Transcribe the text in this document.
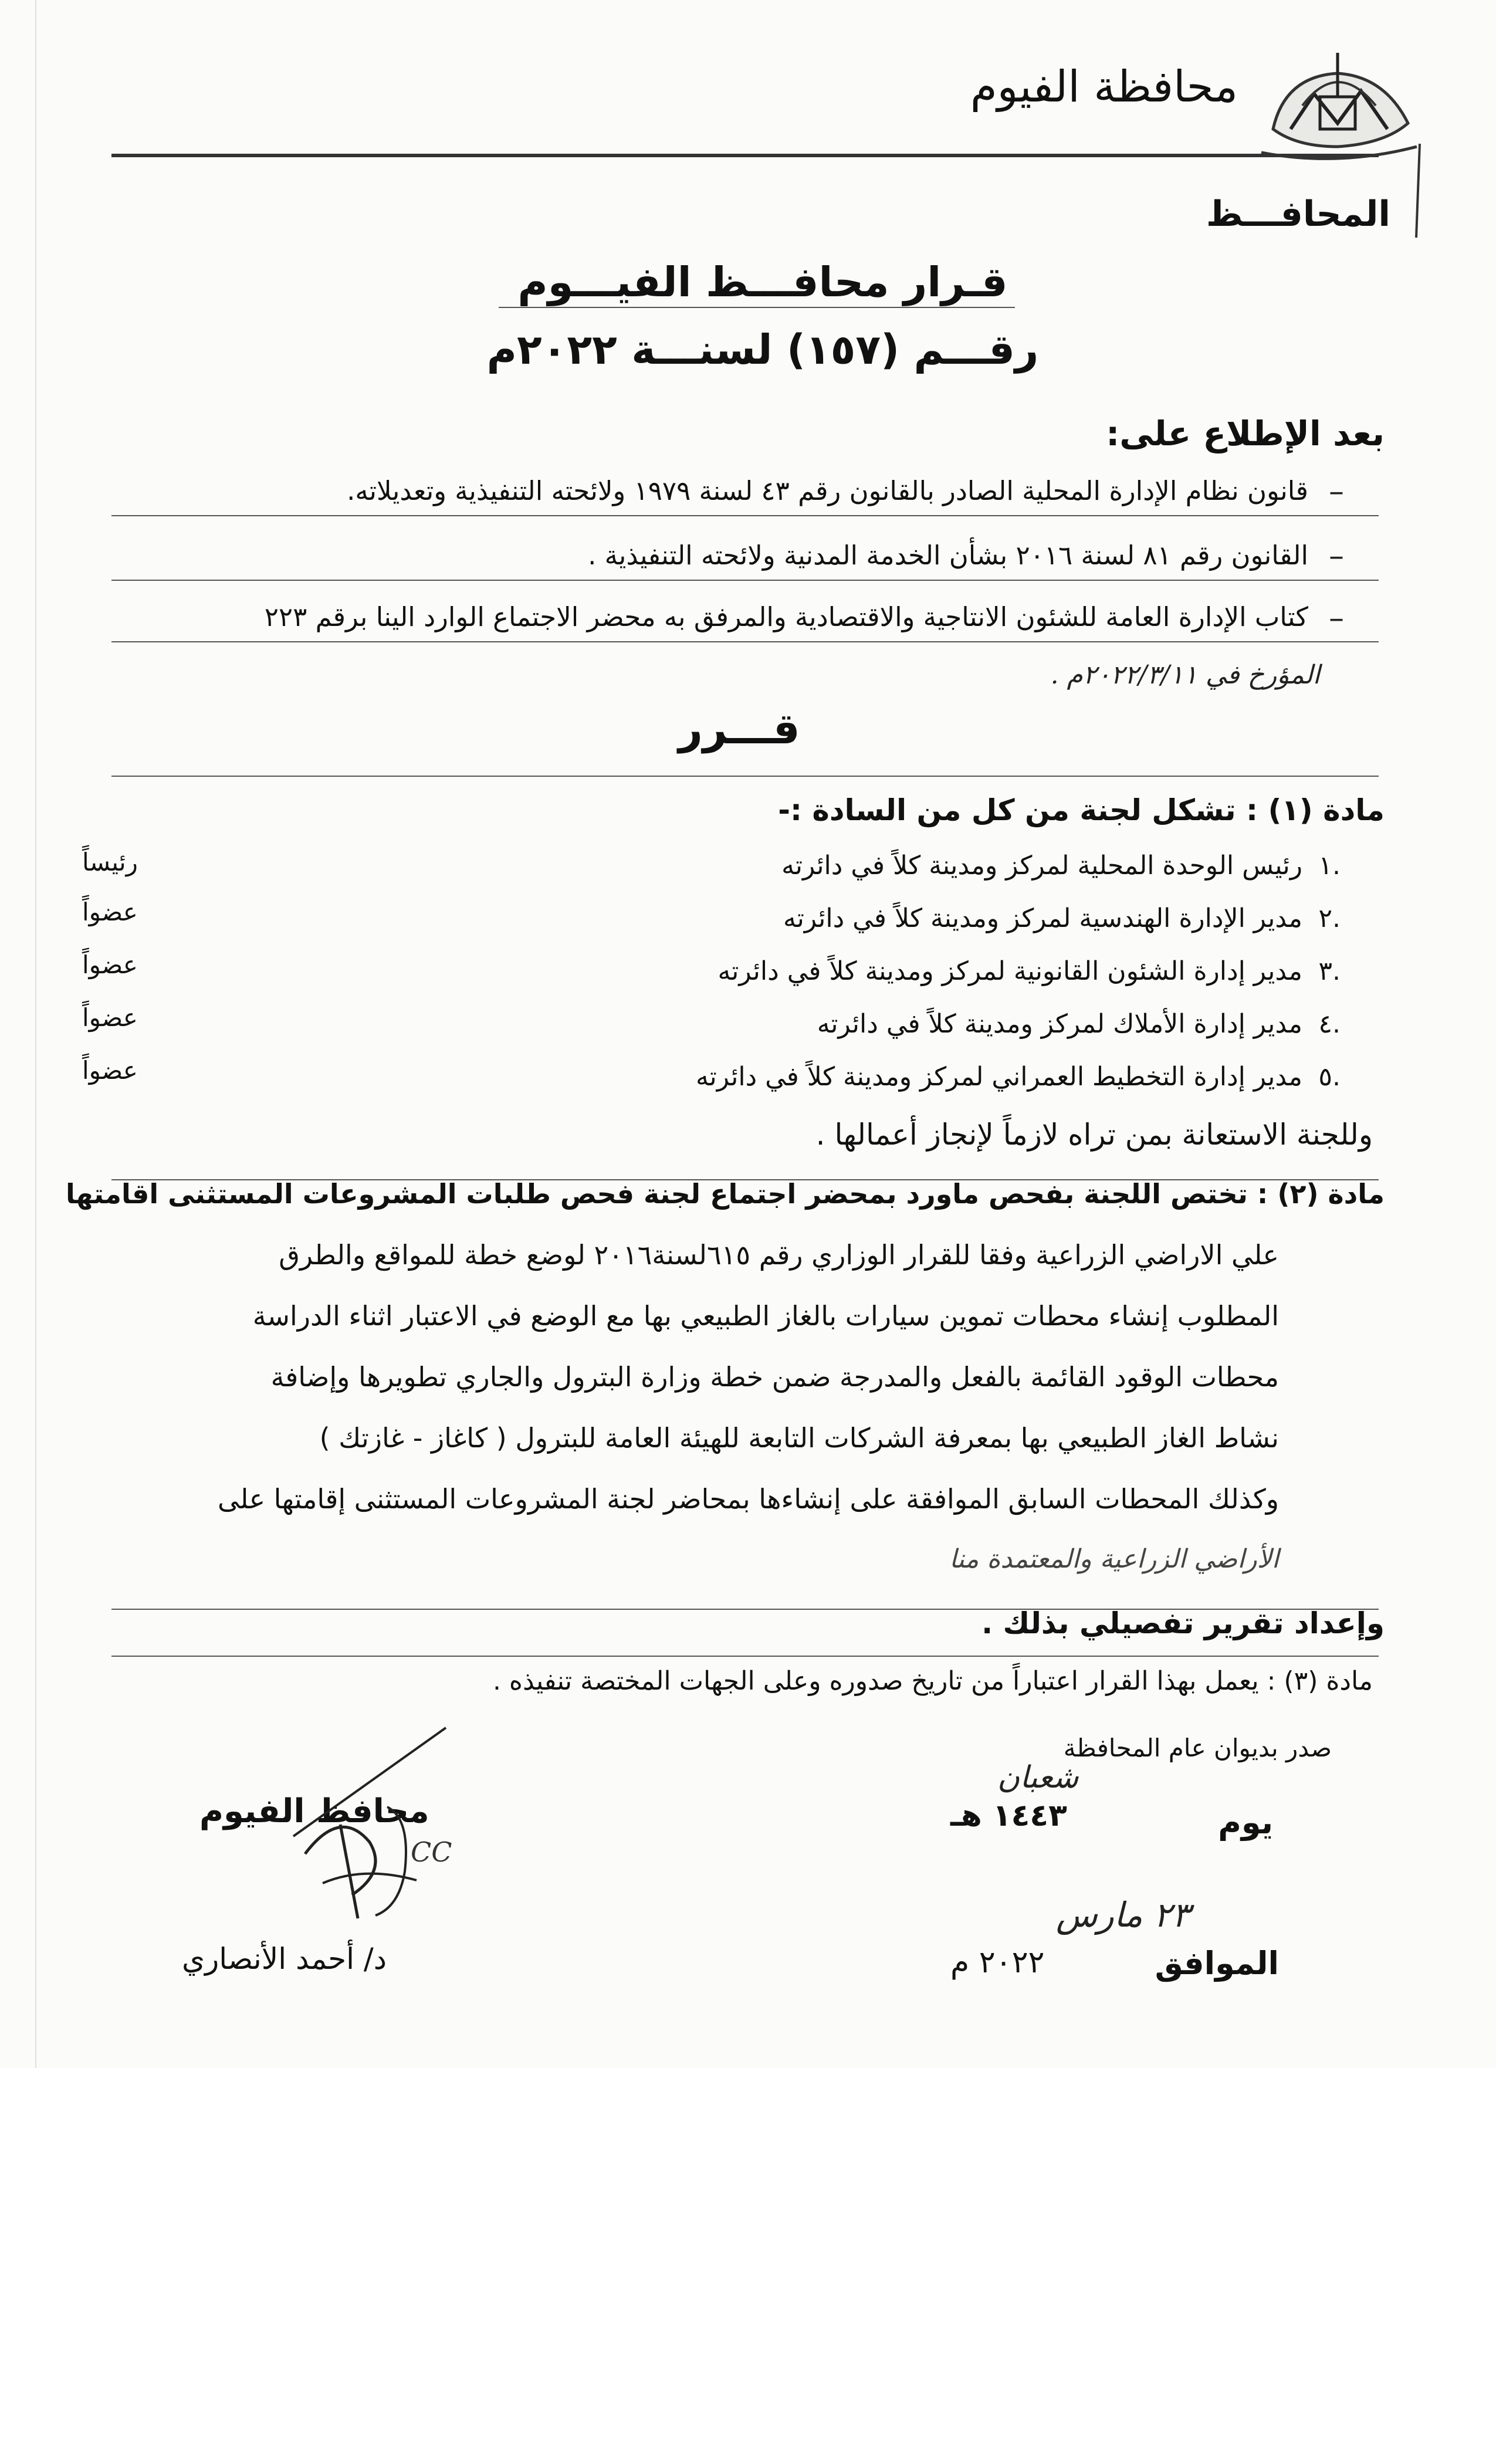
محافظة الفيوم
المحافـــظ
قـرار محافـــظ الفيـــوم
رقـــم (١٥٧) لسنـــة ٢٠٢٢م
بعد الإطلاع على:
–
قانون نظام الإدارة المحلية الصادر بالقانون رقم ٤٣ لسنة ١٩٧٩ ولائحته التنفيذية وتعديلاته.
–
القانون رقم ٨١ لسنة ٢٠١٦ بشأن الخدمة المدنية ولائحته التنفيذية .
–
كتاب الإدارة العامة للشئون الانتاجية والاقتصادية والمرفق به محضر الاجتماع الوارد الينا برقم ٢٢٣
المؤرخ في ٢٠٢٢/٣/١١م .
قـــرر
مادة (١) : تشكل لجنة من كل من السادة :-
١.
رئيس الوحدة المحلية لمركز ومدينة كلاً في دائرته
رئيساً
٢.
مدير الإدارة الهندسية لمركز ومدينة كلاً في دائرته
عضواً
٣.
مدير إدارة الشئون القانونية لمركز ومدينة كلاً في دائرته
عضواً
٤.
مدير إدارة الأملاك لمركز ومدينة كلاً في دائرته
عضواً
٥.
مدير إدارة التخطيط العمراني لمركز ومدينة كلاً في دائرته
عضواً
وللجنة الاستعانة بمن تراه لازماً لإنجاز أعمالها .
مادة (٢) : تختص اللجنة بفحص ماورد بمحضر اجتماع لجنة فحص طلبات المشروعات المستثنى اقامتها
علي الاراضي الزراعية وفقا للقرار الوزاري رقم ٦١٥لسنة٢٠١٦ لوضع خطة للمواقع والطرق
المطلوب إنشاء محطات تموين سيارات بالغاز الطبيعي بها مع الوضع في الاعتبار اثناء الدراسة
محطات الوقود القائمة بالفعل والمدرجة ضمن خطة وزارة البترول والجاري تطويرها وإضافة
نشاط الغاز الطبيعي بها بمعرفة الشركات التابعة للهيئة العامة للبترول ( كاغاز - غازتك )
وكذلك المحطات السابق الموافقة على إنشاءها بمحاضر لجنة المشروعات المستثنى إقامتها على
الأراضي الزراعية والمعتمدة منا
وإعداد تقرير تفصيلي بذلك .
مادة (٣) : يعمل بهذا القرار اعتباراً من تاريخ صدوره وعلى الجهات المختصة تنفيذه .
صدر بديوان عام المحافظة
يوم
شعبان
١٤٤٣ هـ
٢٣ مارس
الموافق
٢٠٢٢ م
محافظ الفيوم
CC
د/ أحمد الأنصاري
